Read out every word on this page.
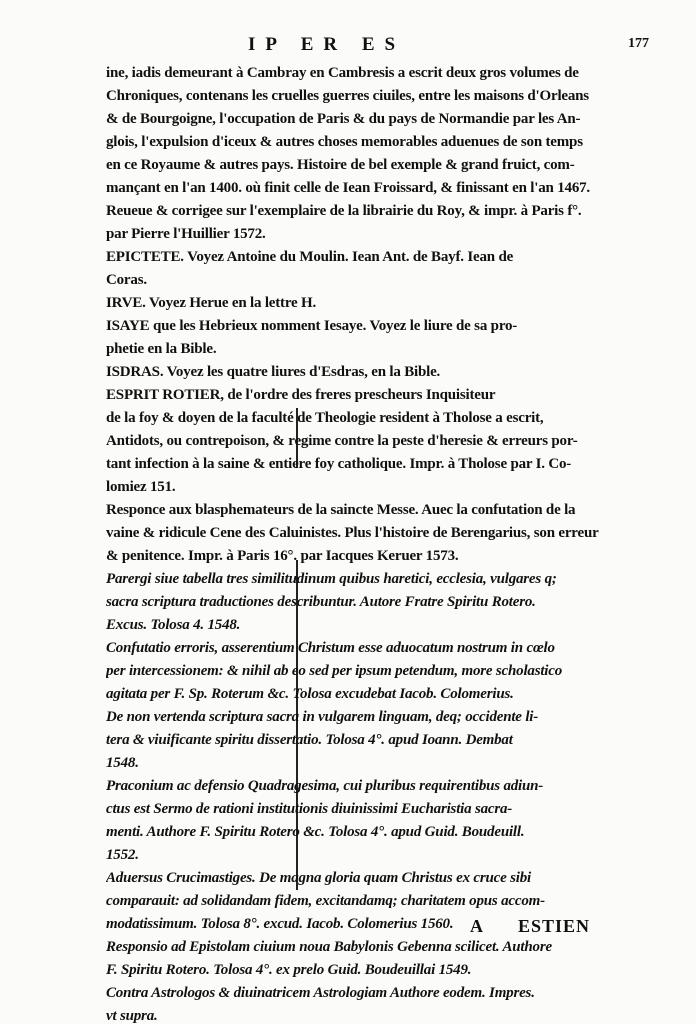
IP ER ES	177
ine, iadis demeurant à Cambray en Cambresis a escrit deux gros volumes de
Chroniques, contenans les cruelles guerres ciuiles, entre les maisons d'Orleans
& de Bourgoigne, l'occupation de Paris & du pays de Normandie par les An-
glois, l'expulsion d'iceux & autres choses memorables aduenues de son temps
en ce Royaume & autres pays. Histoire de bel exemple & grand fruict, com-
mançant en l'an 1400. où finit celle de Iean Froissard, & finissant en l'an 1467.
Reueue & corrigee sur l'exemplaire de la librairie du Roy, & impr. à Paris f°.
par Pierre l'Huillier 1572.
EPICTETE. Voyez Antoine du Moulin. Iean Ant. de Bayf. Iean de
Coras.
IRVE. Voyez Herue en la lettre H.
ISAYE que les Hebrieux nomment Iesaye. Voyez le liure de sa pro-
phetie en la Bible.
ISDRAS. Voyez les quatre liures d'Esdras, en la Bible.
ESPRIT ROTIER, de l'ordre des freres prescheurs Inquisiteur
de la foy & doyen de la faculté de Theologie resident à Tholose a escrit,
Antidots, ou contrepoison, & regime contre la peste d'heresie & erreurs por-
tant infection à la saine & entiere foy catholique. Impr. à Tholose par I. Co-
lomiez 151.
Responce aux blasphemateurs de la saincte Messe. Auec la confutation de la
vaine & ridicule Cene des Caluinistes. Plus l'histoire de Berengarius, son erreur
& penitence. Impr. à Paris 16°. par Iacques Keruer 1573.
Parergi siue tabella tres similitudinum quibus haretici, ecclesia, vulgares q;
sacra scriptura traductiones describuntur. Autore Fratre Spiritu Rotero.
Excus. Tolosa 4. 1548.
Confutatio erroris, asserentium Christum esse aduocatum nostrum in cœlo
per intercessionem: & nihil ab eo sed per ipsum petendum, more scholastico
agitata per F. Sp. Roterum &c. Tolosa excudebat Iacob. Colomerius.
De non vertenda scriptura sacra in vulgarem linguam, deq; occidente li-
tera & viuificante spiritu dissertatio. Tolosa 4°. apud Ioann. Dembat
1548.
Praconium ac defensio Quadragesima, cui pluribus requirentibus adiun-
ctus est Sermo de rationi institutionis diuinissimi Eucharistia sacra-
menti. Authore F. Spiritu Rotero &c. Tolosa 4°. apud Guid. Boudeuill.
1552.
Aduersus Crucimastiges. De magna gloria quam Christus ex cruce sibi
comparauit: ad solidandam fidem, excitandamq; charitatem opus accom-
modatissimum. Tolosa 8°. excud. Iacob. Colomerius 1560.
Responsio ad Epistolam ciuium noua Babylonis Gebenna scilicet. Authore
F. Spiritu Rotero. Tolosa 4°. ex prelo Guid. Boudeuillai 1549.
Contra Astrologos & diuinatricem Astrologiam Authore eodem. Impres.
vt supra.
A ESTIEN
